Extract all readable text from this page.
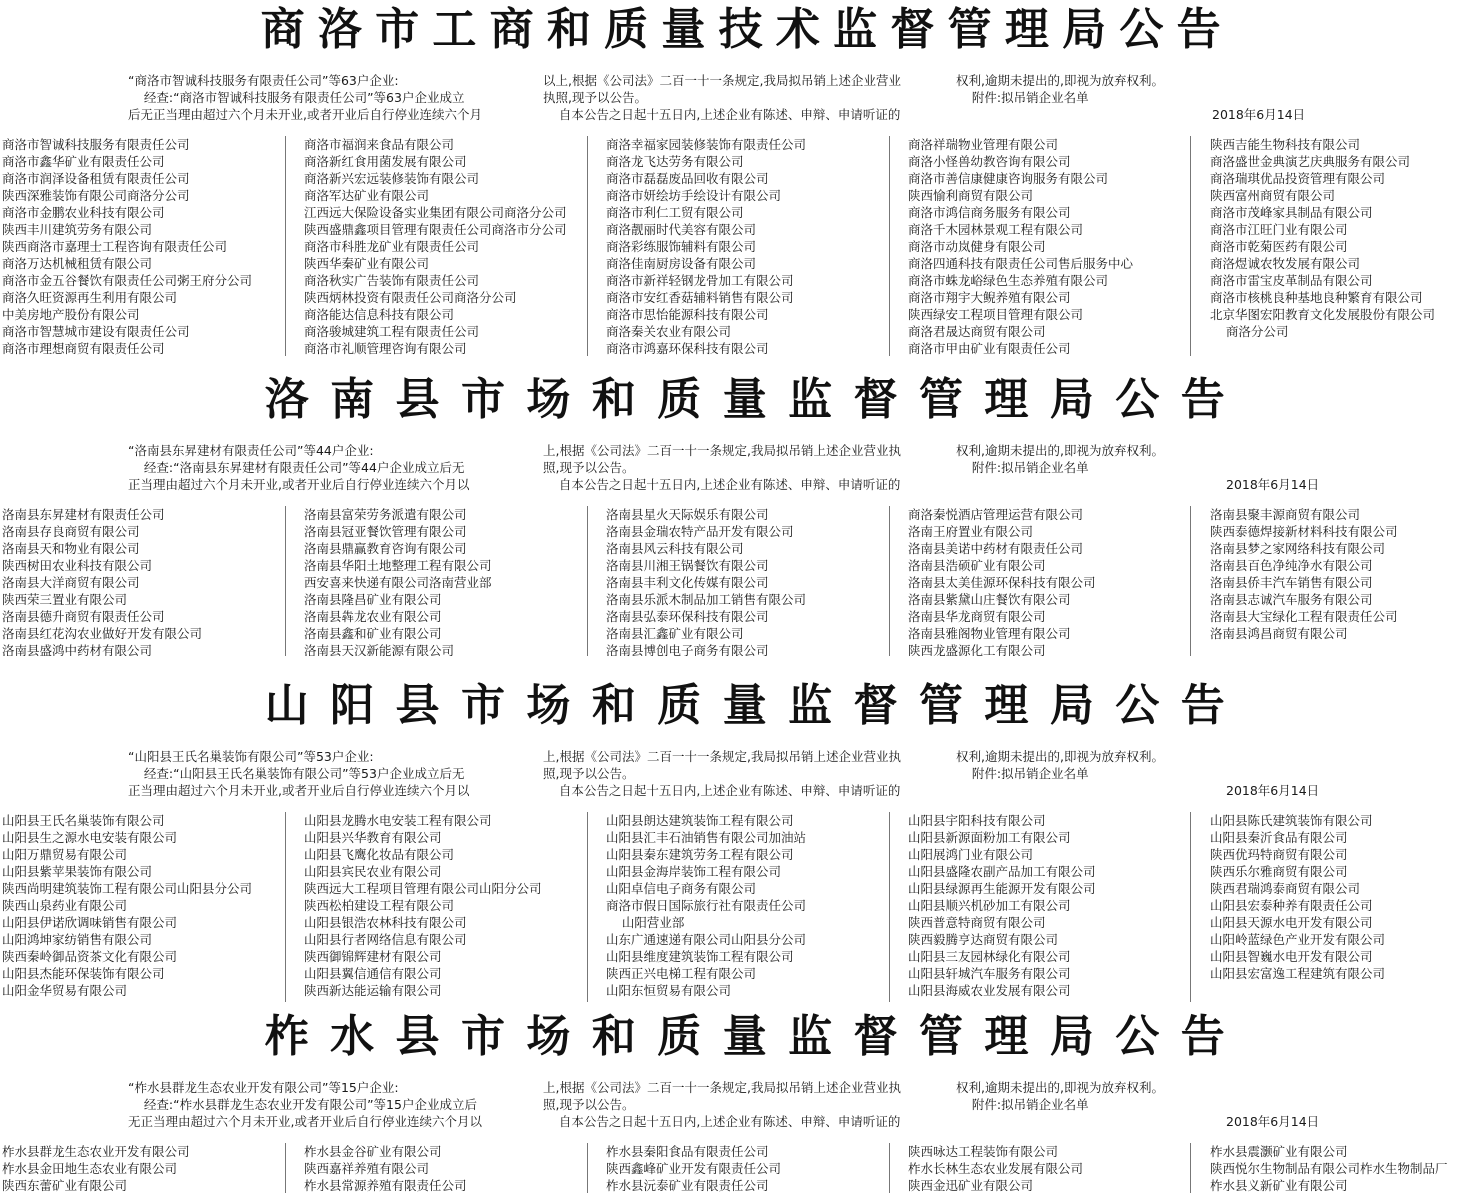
商洛市工商和质量技术监督管理局公告
“商洛市智诚科技服务有限责任公司”等63户企业:
经查:“商洛市智诚科技服务有限责任公司”等63户企业成立
后无正当理由超过六个月未开业,或者开业后自行停业连续六个月
以上,根据《公司法》二百一十一条规定,我局拟吊销上述企业营业
执照,现予以公告。
自本公告之日起十五日内,上述企业有陈述、申辩、申请听证的
权利,逾期未提出的,即视为放弃权利。
附件:拟吊销企业名单
2018年6月14日
商洛市智诚科技服务有限责任公司
商洛市鑫华矿业有限责任公司
商洛市润泽设备租赁有限责任公司
陕西深雅装饰有限公司商洛分公司
商洛市金鹏农业科技有限公司
陕西丰川建筑劳务有限公司
陕西商洛市嘉理士工程咨询有限责任公司
商洛万达机械租赁有限公司
商洛市金五谷餐饮有限责任公司粥王府分公司
商洛久旺资源再生利用有限公司
中美房地产股份有限公司
商洛市智慧城市建设有限责任公司
商洛市理想商贸有限责任公司
商洛市福润来食品有限公司
商洛新红食用菌发展有限公司
商洛新兴宏远装修装饰有限公司
商洛军达矿业有限公司
江西远大保险设备实业集团有限公司商洛分公司
陕西盛鼎鑫项目管理有限责任公司商洛市分公司
商洛市科胜龙矿业有限责任公司
陕西华秦矿业有限公司
商洛秋实广告装饰有限责任公司
陕西炳林投资有限责任公司商洛分公司
商洛能达信息科技有限公司
商洛骏城建筑工程有限责任公司
商洛市礼顺管理咨询有限公司
商洛幸福家园装修装饰有限责任公司
商洛龙飞达劳务有限公司
商洛市磊磊废品回收有限公司
商洛市妍绘坊手绘设计有限公司
商洛市利仁工贸有限公司
商洛靓丽时代美容有限公司
商洛彩练服饰辅料有限公司
商洛佳南厨房设备有限公司
商洛市新祥轻钢龙骨加工有限公司
商洛市安红香菇辅料销售有限公司
商洛市思怡能源科技有限公司
商洛秦关农业有限公司
商洛市鸿嘉环保科技有限公司
商洛祥瑞物业管理有限公司
商洛小怪兽幼教咨询有限公司
商洛市善信康健康咨询服务有限公司
陕西愉利商贸有限公司
商洛市鸿信商务服务有限公司
商洛千木园林景观工程有限公司
商洛市动岚健身有限公司
商洛四通科技有限责任公司售后服务中心
商洛市蛛龙峪绿色生态养殖有限公司
商洛市翔宇大鲵养殖有限公司
陕西绿安工程项目管理有限公司
商洛君晟达商贸有限公司
商洛市甲由矿业有限责任公司
陕西吉能生物科技有限公司
商洛盛世金典演艺庆典服务有限公司
商洛瑞琪优品投资管理有限公司
陕西富州商贸有限公司
商洛市茂峰家具制品有限公司
商洛市江旺门业有限公司
商洛市乾菊医药有限公司
商洛煜诚农牧发展有限公司
商洛市雷宝皮革制品有限公司
商洛市核桃良种基地良种繁育有限公司
北京华图宏阳教育文化发展股份有限公司
商洛分公司
洛南县市场和质量监督管理局公告
“洛南县东昇建材有限责任公司”等44户企业:
经查:“洛南县东昇建材有限责任公司”等44户企业成立后无
正当理由超过六个月未开业,或者开业后自行停业连续六个月以
上,根据《公司法》二百一十一条规定,我局拟吊销上述企业营业执
照,现予以公告。
自本公告之日起十五日内,上述企业有陈述、申辩、申请听证的
权利,逾期未提出的,即视为放弃权利。
附件:拟吊销企业名单
2018年6月14日
洛南县东昇建材有限责任公司
洛南县存良商贸有限公司
洛南县天和物业有限公司
陕西树田农业科技有限公司
洛南县大洋商贸有限公司
陕西荣三置业有限公司
洛南县德升商贸有限责任公司
洛南县红花沟农业做好开发有限公司
洛南县盛鸿中药材有限公司
洛南县富荣劳务派遣有限公司
洛南县冠亚餐饮管理有限公司
洛南县鼎赢教育咨询有限公司
洛南县华阳土地整理工程有限公司
西安喜来快递有限公司洛南营业部
洛南县隆昌矿业有限公司
洛南县犇龙农业有限公司
洛南县鑫和矿业有限公司
洛南县天汉新能源有限公司
洛南县星火天际娱乐有限公司
洛南县金瑞农特产品开发有限公司
洛南县风云科技有限公司
洛南县川湘王锅餐饮有限公司
洛南县丰利文化传媒有限公司
洛南县乐派木制品加工销售有限公司
洛南县弘泰环保科技有限公司
洛南县汇鑫矿业有限公司
洛南县博创电子商务有限公司
商洛秦悦酒店管理运营有限公司
洛南王府置业有限公司
洛南县美诺中药材有限责任公司
洛南县浩硕矿业有限公司
洛南县太美佳源环保科技有限公司
洛南县紫黛山庄餐饮有限公司
洛南县华龙商贸有限公司
洛南县雅阁物业管理有限公司
陕西龙盛源化工有限公司
洛南县聚丰源商贸有限公司
陕西泰德焊接新材料科技有限公司
洛南县梦之家网络科技有限公司
洛南县百色净纯净水有限公司
洛南县侨丰汽车销售有限公司
洛南县志诚汽车服务有限公司
洛南县大宝绿化工程有限责任公司
洛南县鸿昌商贸有限公司
山阳县市场和质量监督管理局公告
“山阳县王氏名巢装饰有限公司”等53户企业:
经查:“山阳县王氏名巢装饰有限公司”等53户企业成立后无
正当理由超过六个月未开业,或者开业后自行停业连续六个月以
上,根据《公司法》二百一十一条规定,我局拟吊销上述企业营业执
照,现予以公告。
自本公告之日起十五日内,上述企业有陈述、申辩、申请听证的
权利,逾期未提出的,即视为放弃权利。
附件:拟吊销企业名单
2018年6月14日
山阳县王氏名巢装饰有限公司
山阳县生之源水电安装有限公司
山阳万鼎贸易有限公司
山阳县紫苹果装饰有限公司
陕西尚明建筑装饰工程有限公司山阳县分公司
陕西山泉药业有限公司
山阳县伊诺欣调味销售有限公司
山阳鸿坤家纺销售有限公司
陕西秦岭御品资茶文化有限公司
山阳县杰能环保装饰有限公司
山阳金华贸易有限公司
山阳县龙腾水电安装工程有限公司
山阳县兴华教育有限公司
山阳县飞鹰化妆品有限公司
山阳县宾民农业有限公司
陕西远大工程项目管理有限公司山阳分公司
陕西松柏建设工程有限公司
山阳县银浩农林科技有限公司
山阳县行者网络信息有限公司
陕西御锦辉建材有限公司
山阳县翼信通信有限公司
陕西新达能运输有限公司
山阳县朗达建筑装饰工程有限公司
山阳县汇丰石油销售有限公司加油站
山阳县秦东建筑劳务工程有限公司
山阳县金海岸装饰工程有限公司
山阳卓信电子商务有限公司
商洛市假日国际旅行社有限责任公司
山阳营业部
山东广通速递有限公司山阳县分公司
山阳县维度建筑装饰工程有限公司
陕西正兴电梯工程有限公司
山阳东恒贸易有限公司
山阳县宇阳科技有限公司
山阳县新源面粉加工有限公司
山阳展鸿门业有限公司
山阳县盛隆农副产品加工有限公司
山阳县绿源再生能源开发有限公司
山阳县顺兴机砂加工有限公司
陕西普意特商贸有限公司
陕西毅腾亨达商贸有限公司
山阳县三友园林绿化有限公司
山阳县轩城汽车服务有限公司
山阳县海威农业发展有限公司
山阳县陈氏建筑装饰有限公司
山阳县秦沂食品有限公司
陕西优玛特商贸有限公司
陕西乐尔雅商贸有限公司
陕西君瑞鸿泰商贸有限公司
山阳县宏泰种养有限责任公司
山阳县天源水电开发有限公司
山阳岭蓝绿色产业开发有限公司
山阳县智巍水电开发有限公司
山阳县宏富逸工程建筑有限公司
柞水县市场和质量监督管理局公告
“柞水县群龙生态农业开发有限公司”等15户企业:
经查:“柞水县群龙生态农业开发有限公司”等15户企业成立后
无正当理由超过六个月未开业,或者开业后自行停业连续六个月以
上,根据《公司法》二百一十一条规定,我局拟吊销上述企业营业执
照,现予以公告。
自本公告之日起十五日内,上述企业有陈述、申辩、申请听证的
权利,逾期未提出的,即视为放弃权利。
附件:拟吊销企业名单
2018年6月14日
柞水县群龙生态农业开发有限公司
柞水县金田地生态农业有限公司
陕西东蕾矿业有限公司
柞水县金谷矿业有限公司
陕西嘉祥养殖有限公司
柞水县常源养殖有限责任公司
柞水县秦阳食品有限责任公司
陕西鑫峰矿业开发有限责任公司
柞水县沅泰矿业有限责任公司
陕西咏达工程装饰有限公司
柞水长林生态农业发展有限公司
陕西金迅矿业有限公司
柞水县震灏矿业有限公司
陕西悦尔生物制品有限公司柞水生物制品厂
柞水县义新矿业有限公司
